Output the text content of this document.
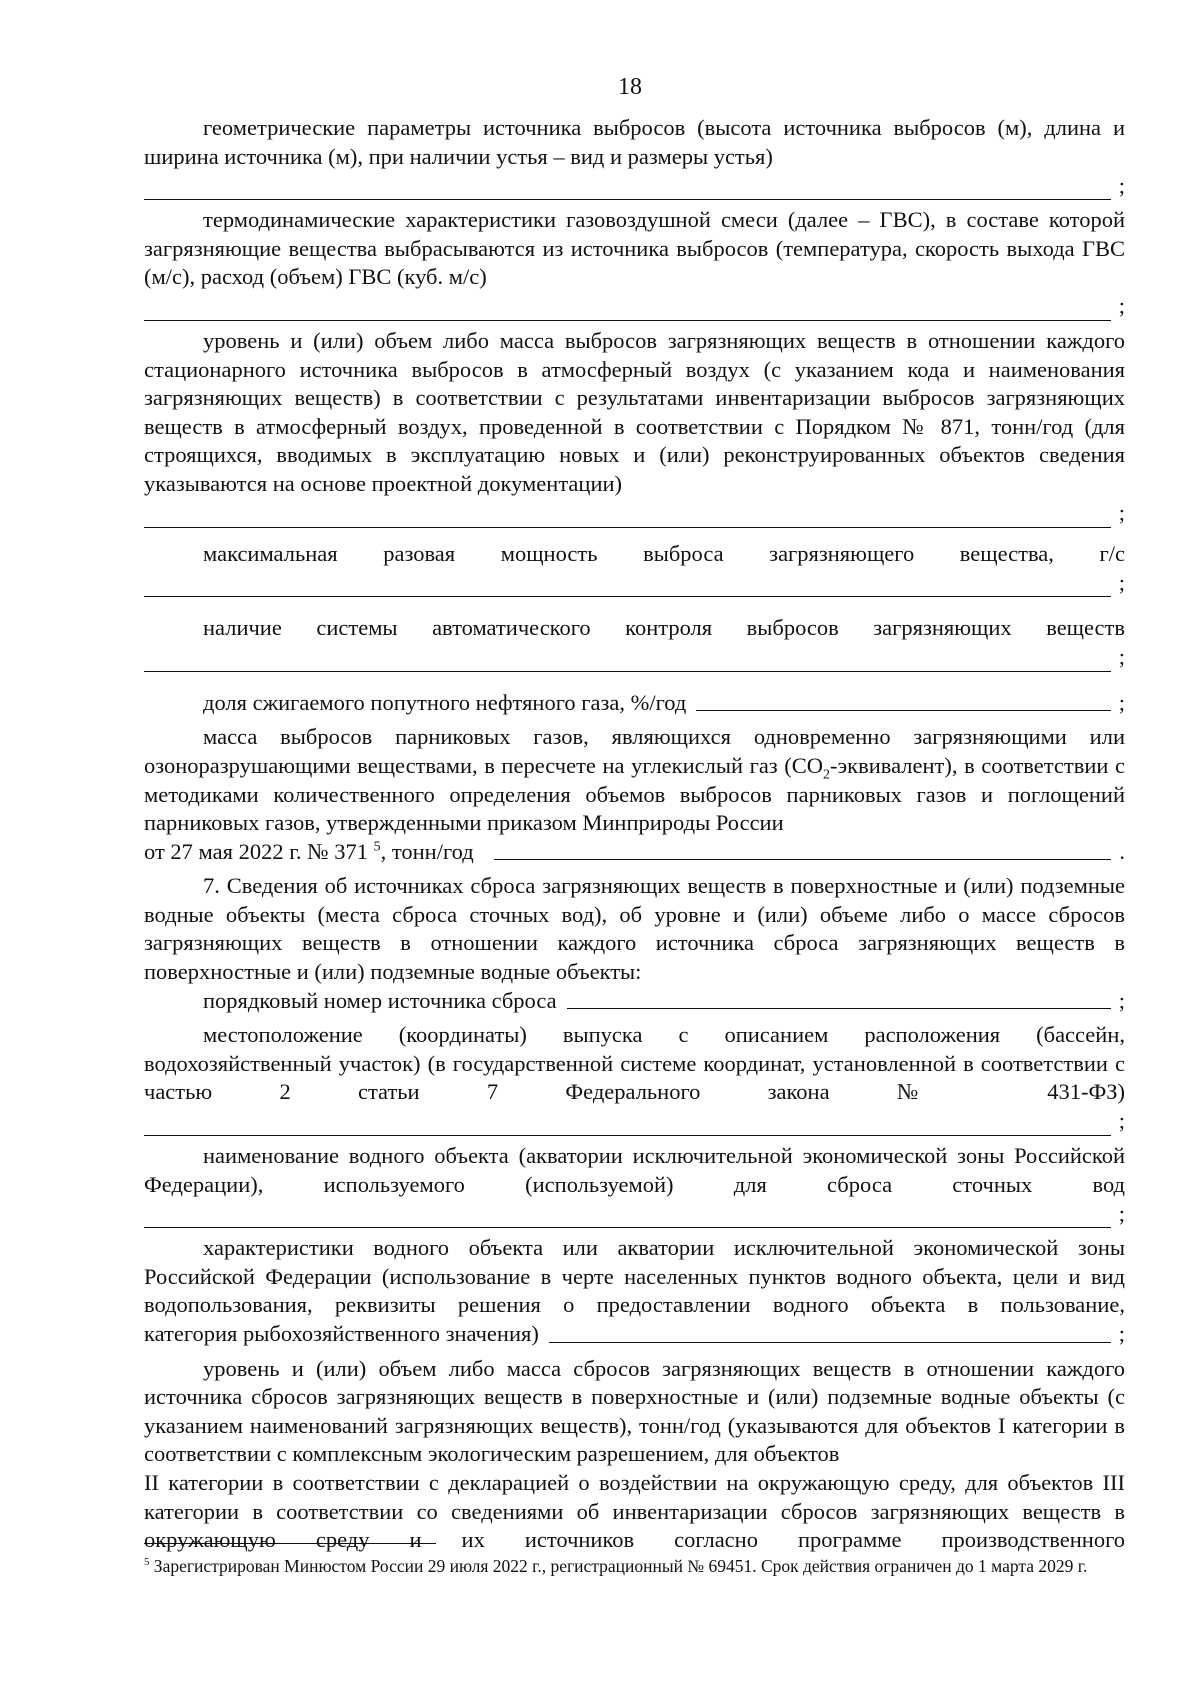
18

геометрические параметры источника выбросов (высота источника выбросов (м), длина и ширина источника (м), при наличии устья – вид и размеры устья)

;

термодинамические характеристики газовоздушной смеси (далее – ГВС), в составе которой загрязняющие вещества выбрасываются из источника выбросов (температура, скорость выхода ГВС (м/с), расход (объем) ГВС (куб. м/с)

;

уровень и (или) объем либо масса выбросов загрязняющих веществ в отношении каждого стационарного источника выбросов в атмосферный воздух (с указанием кода и наименования загрязняющих веществ) в соответствии с результатами инвентаризации выбросов загрязняющих веществ в атмосферный воздух, проведенной в соответствии с Порядком № 871, тонн/год (для строящихся, вводимых в эксплуатацию новых и (или) реконструированных объектов сведения указываются на основе проектной документации)

;

максимальная разовая мощность выброса загрязняющего вещества, г/с

;

наличие системы автоматического контроля выбросов загрязняющих веществ

;
доля сжигаемого попутного нефтяного газа, %/год	;

масса выбросов парниковых газов, являющихся одновременно загрязняющими или озоноразрушающими веществами, в пересчете на углекислый газ $(CO_2-эквивалент)$, в соответствии с методиками количественного определения объемов выбросов парниковых газов и поглощений парниковых газов, утвержденными приказом Минприроды России

от 27 мая 2022 г. № 371 $^5$, тонн/год	.

7. Сведения об источниках сброса загрязняющих веществ в поверхностные и (или) подземные водные объекты (места сброса сточных вод), об уровне и (или) объеме либо о массе сбросов загрязняющих веществ в отношении каждого источника сброса загрязняющих веществ в поверхностные и (или) подземные водные объекты:

порядковый номер источника сброса	;

местоположение (координаты) выпуска с описанием расположения (бассейн, водохозяйственный участок) (в государственной системе координат, установленной в соответствии с частью 2 статьи 7 Федерального закона № 431-ФЗ)

;

наименование водного объекта (акватории исключительной экономической зоны Российской Федерации), используемого (используемой) для сброса сточных вод

;

характеристики водного объекта или акватории исключительной экономической зоны Российской Федерации (использование в черте населенных пунктов водного объекта, цели и вид водопользования, реквизиты решения о предоставлении водного объекта в пользование,

категория рыбохозяйственного значения)	;

уровень и (или) объем либо масса сбросов загрязняющих веществ в отношении каждого источника сбросов загрязняющих веществ в поверхностные и (или) подземные водные объекты (с указанием наименований загрязняющих веществ), тонн/год (указываются для объектов I категории в соответствии с комплексным экологическим разрешением, для объектов

II категории в соответствии с декларацией о воздействии на окружающую среду, для объектов III категории в соответствии со сведениями об инвентаризации сбросов загрязняющих веществ в окружающую среду и их источников согласно программе производственного

$^5$ Зарегистрирован Минюстом России 29 июля 2022 г., регистрационный № 69451. Срок действия ограничен до 1 марта 2029 г.
